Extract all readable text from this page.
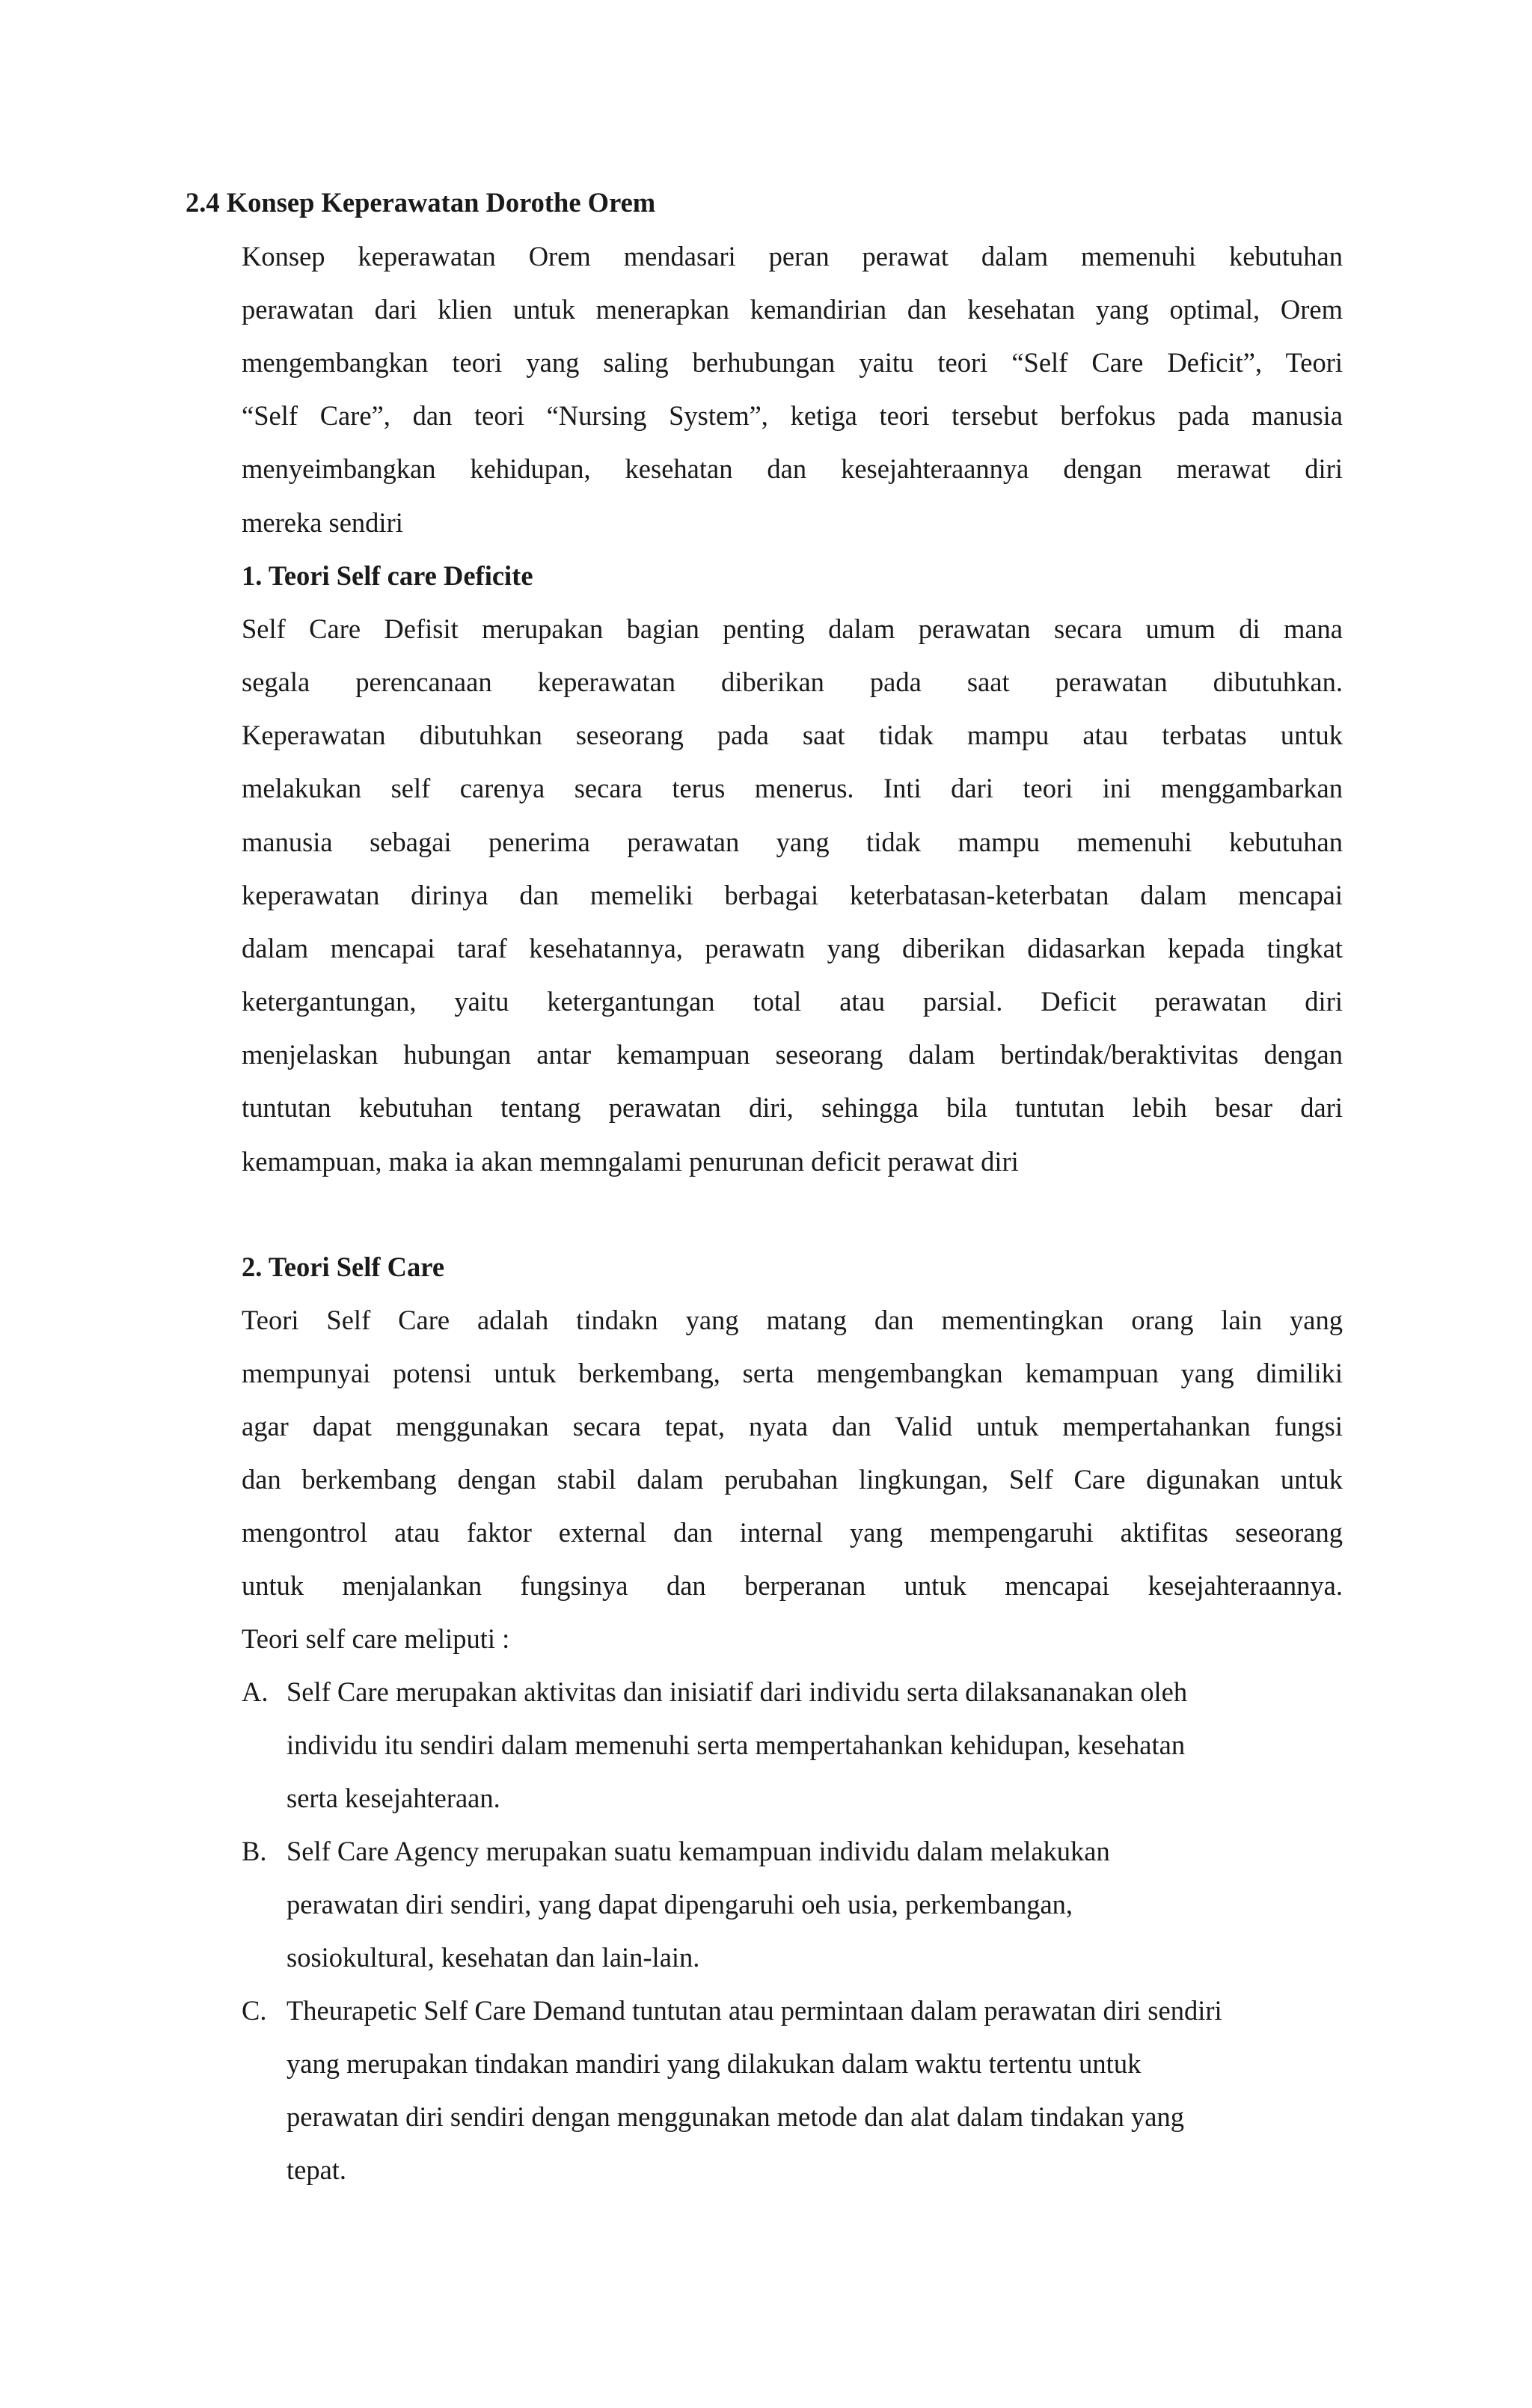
2.4 Konsep Keperawatan Dorothe Orem
Konsep keperawatan Orem mendasari peran perawat dalam memenuhi kebutuhan
perawatan dari klien untuk menerapkan kemandirian dan kesehatan yang optimal, Orem
mengembangkan teori yang saling berhubungan yaitu teori “Self Care Deficit”, Teori
“Self Care”, dan teori “Nursing System”, ketiga teori tersebut berfokus pada manusia
menyeimbangkan kehidupan, kesehatan dan kesejahteraannya dengan merawat diri
mereka sendiri
1. Teori Self care Deficite
Self Care Defisit merupakan bagian penting dalam perawatan secara umum di mana
segala perencanaan keperawatan diberikan pada saat perawatan dibutuhkan.
Keperawatan dibutuhkan seseorang pada saat tidak mampu atau terbatas untuk
melakukan self carenya secara terus menerus. Inti dari teori ini menggambarkan
manusia sebagai penerima perawatan yang tidak mampu memenuhi kebutuhan
keperawatan dirinya dan memeliki berbagai keterbatasan-keterbatan dalam mencapai
dalam mencapai taraf kesehatannya, perawatn yang diberikan didasarkan kepada tingkat
ketergantungan, yaitu ketergantungan total atau parsial. Deficit perawatan diri
menjelaskan hubungan antar kemampuan seseorang dalam bertindak/beraktivitas dengan
tuntutan kebutuhan tentang perawatan diri, sehingga bila tuntutan lebih besar dari
kemampuan, maka ia akan memngalami penurunan deficit perawat diri
2. Teori Self Care
Teori Self Care adalah tindakn yang matang dan mementingkan orang lain yang
mempunyai potensi untuk berkembang, serta mengembangkan kemampuan yang dimiliki
agar dapat menggunakan secara tepat, nyata dan Valid untuk mempertahankan fungsi
dan berkembang dengan stabil dalam perubahan lingkungan, Self Care digunakan untuk
mengontrol atau faktor external dan internal yang mempengaruhi aktifitas seseorang
untuk menjalankan fungsinya dan berperanan untuk mencapai kesejahteraannya.
Teori self care meliputi :
A. Self Care merupakan aktivitas dan inisiatif dari individu serta dilaksananakan oleh
individu itu sendiri dalam memenuhi serta mempertahankan kehidupan, kesehatan
serta kesejahteraan.
B. Self Care Agency merupakan suatu kemampuan individu dalam melakukan
perawatan diri sendiri, yang dapat dipengaruhi oeh usia, perkembangan,
sosiokultural, kesehatan dan lain-lain.
C. Theurapetic Self Care Demand tuntutan atau permintaan dalam perawatan diri sendiri
yang merupakan tindakan mandiri yang dilakukan dalam waktu tertentu untuk
perawatan diri sendiri dengan menggunakan metode dan alat dalam tindakan yang
tepat.
